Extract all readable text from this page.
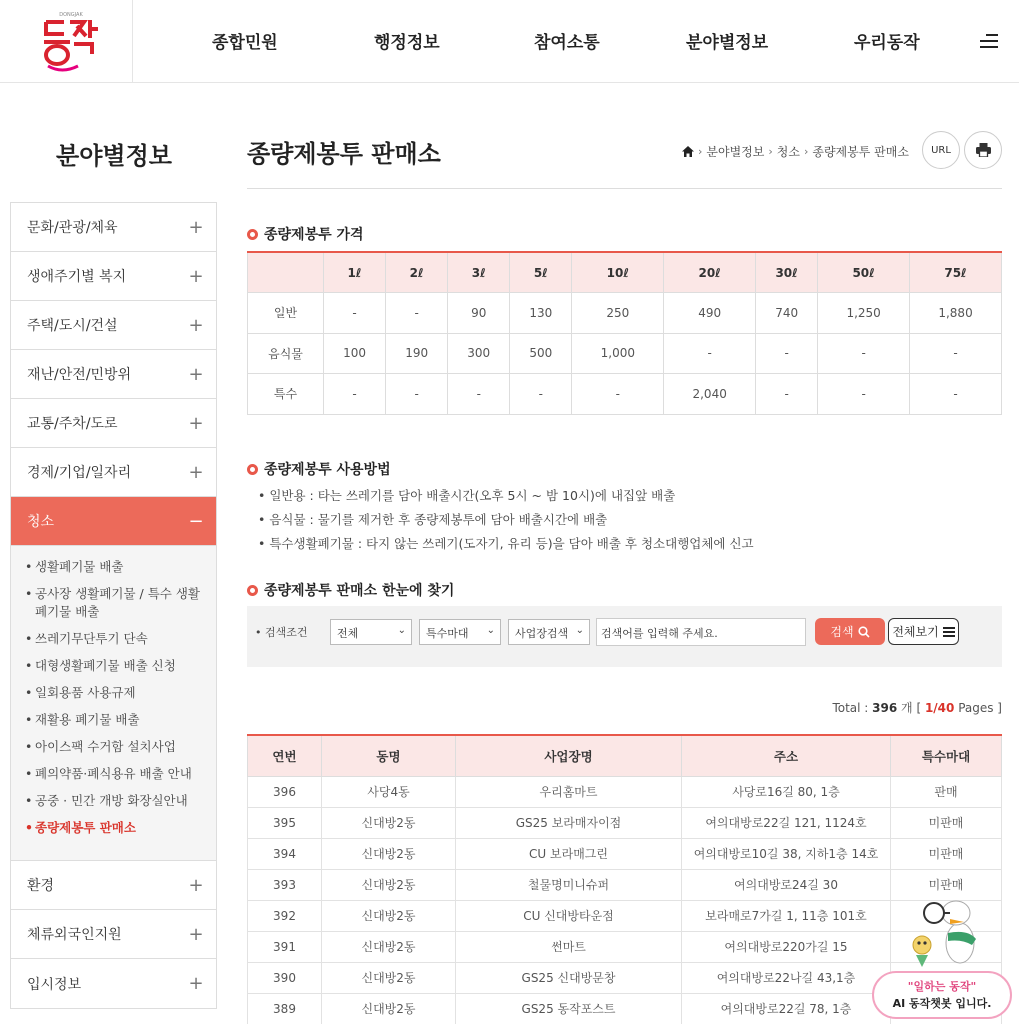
DONGJAK
종합민원	행정정보	참여소통	분야별정보	우리동작
분야별정보
문화/관광/체육	+
생애주기별 복지	+
주택/도시/건설	+
재난/안전/민방위	+
교통/주차/도로	+
경제/기업/일자리	+
청소	−
• 생활폐기물 배출
• 공사장 생활폐기물 / 특수 생활폐기물 배출
• 쓰레기무단투기 단속
• 대형생활폐기물 배출 신청
• 일회용품 사용규제
• 재활용 폐기물 배출
• 아이스팩 수거함 설치사업
• 폐의약품·폐식용유 배출 안내
• 공중 · 민간 개방 화장실안내
• 종량제봉투 판매소
환경	+
체류외국인지원	+
입시정보	+
종량제봉투 판매소	› 분야별정보 › 청소 › 종량제봉투 판매소	URL
종량제봉투 가격
	1ℓ	2ℓ	3ℓ	5ℓ	10ℓ	20ℓ	30ℓ	50ℓ	75ℓ
일반	-	-	90	130	250	490	740	1,250	1,880
음식물	100	190	300	500	1,000	-	-	-	-
특수	-	-	-	-	-	2,040	-	-	-
종량제봉투 사용방법
• 일반용 : 타는 쓰레기를 담아 배출시간(오후 5시 ~ 밤 10시)에 내집앞 배출
• 음식물 : 물기를 제거한 후 종량제봉투에 담아 배출시간에 배출
• 특수생활폐기물 : 타지 않는 쓰레기(도자기, 유리 등)을 담아 배출 후 청소대행업체에 신고
종량제봉투 판매소 한눈에 찾기
• 검색조건	전체	⌄	특수마대 ⌄	사업장검색 ⌄	검색어를 입력해 주세요.	검색	전체보기
Total : 396 개 [ 1/40 Pages ]
연번	동명	사업장명	주소	특수마대
396	사당4동	우리홈마트	사당로16길 80, 1층	판매
395	신대방2동	GS25 보라매자이점	여의대방로22길 121, 1124호	미판매
394	신대방2동	CU 보라매그린	여의대방로10길 38, 지하1층 14호	미판매
393	신대방2동	철물명미니슈퍼	여의대방로24길 30	미판매
392	신대방2동	CU 신대방타운점	보라매로7가길 1, 11층 101호	
391	신대방2동	썬마트	여의대방로220가길 15	
390	신대방2동	GS25 신대방문창	여의대방로22나길 43,1층	
389	신대방2동	GS25 동작포스트	여의대방로22길 78, 1층	
"일하는 동작"
AI 동작챗봇 입니다.
